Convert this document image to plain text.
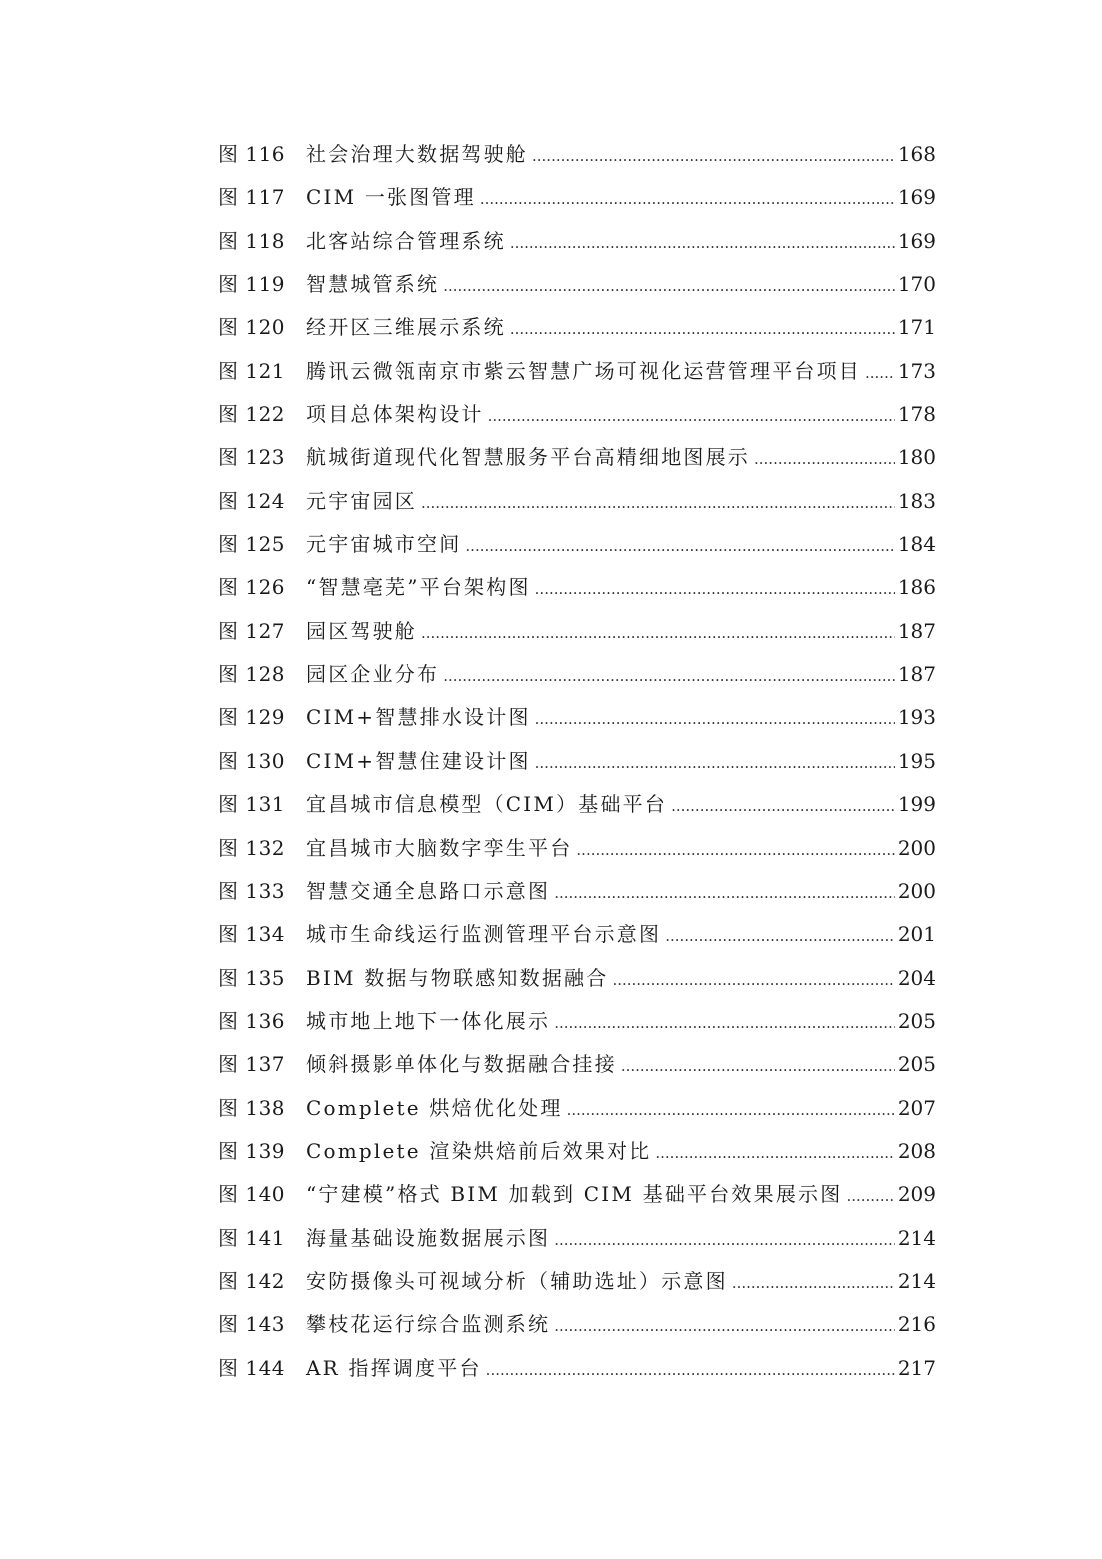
图 116	社会治理大数据驾驶舱 .....	168
图 117	CIM 一张图管理 .....	169
图 118	北客站综合管理系统 .....	169
图 119	智慧城管系统 .....	170
图 120	经开区三维展示系统 .....	171
图 121	腾讯云微瓴南京市紫云智慧广场可视化运营管理平台项目 ..... 173
图 122	项目总体架构设计 .....	178
图 123	航城街道现代化智慧服务平台高精细地图展示 .....	180
图 124	元宇宙园区 .....	183
图 125	元宇宙城市空间 .....	184
图 126	“智慧亳芜”平台架构图 .....	186
图 127	园区驾驶舱 .....	187
图 128	园区企业分布 .....	187
图 129	CIM+智慧排水设计图 .....	193
图 130	CIM+智慧住建设计图 .....	195
图 131	宜昌城市信息模型（CIM）基础平台 .....	199
图 132	宜昌城市大脑数字孪生平台 .....	200
图 133	智慧交通全息路口示意图 .....	200
图 134	城市生命线运行监测管理平台示意图 .....	201
图 135	BIM 数据与物联感知数据融合 .....	204
图 136	城市地上地下一体化展示 .....	205
图 137	倾斜摄影单体化与数据融合挂接 .....	205
图 138	Complete 烘焙优化处理 .....	207
图 139	Complete 渲染烘焙前后效果对比 .....	208
图 140	“宁建模”格式 BIM 加载到 CIM 基础平台效果展示图 .....	209
图 141	海量基础设施数据展示图 .....	214
图 142	安防摄像头可视域分析（辅助选址）示意图 .....	214
图 143	攀枝花运行综合监测系统 .....	216
图 144	AR 指挥调度平台 .....	217
